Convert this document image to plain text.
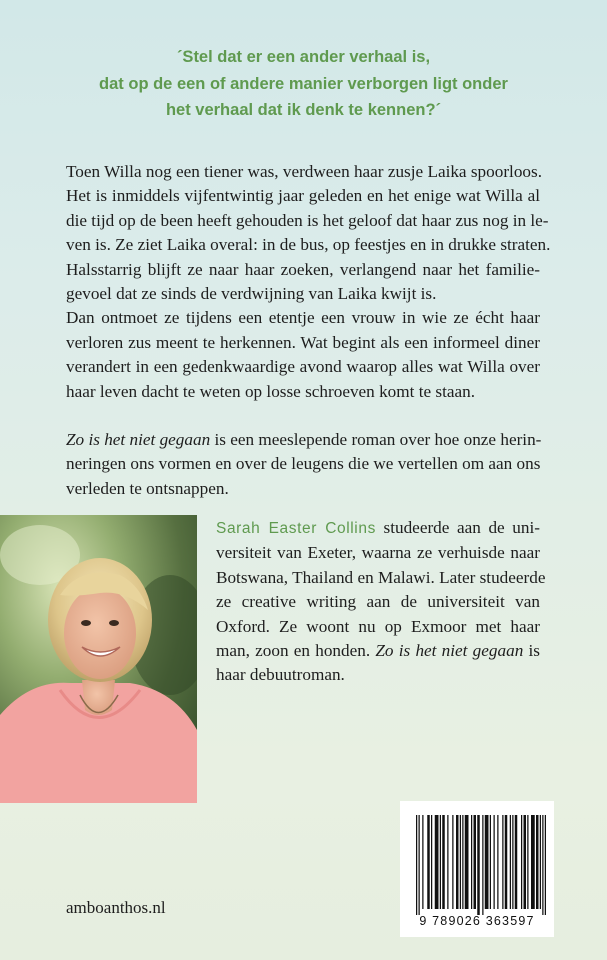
´Stel dat er een ander verhaal is,
dat op de een of andere manier verborgen ligt onder
het verhaal dat ik denk te kennen?´
Toen Willa nog een tiener was, verdween haar zusje Laika spoorloos.
Het is inmiddels vijfentwintig jaar geleden en het enige wat Willa al
die tijd op de been heeft gehouden is het geloof dat haar zus nog in le-
ven is. Ze ziet Laika overal: in de bus, op feestjes en in drukke straten.
Halsstarrig blijft ze naar haar zoeken, verlangend naar het familie-
gevoel dat ze sinds de verdwijning van Laika kwijt is.
Dan ontmoet ze tijdens een etentje een vrouw in wie ze écht haar
verloren zus meent te herkennen. Wat begint als een informeel diner
verandert in een gedenkwaardige avond waarop alles wat Willa over
haar leven dacht te weten op losse schroeven komt te staan.
Zo is het niet gegaan is een meeslepende roman over hoe onze herin-
neringen ons vormen en over de leugens die we vertellen om aan ons
verleden te ontsnappen.
Sarah Easter Collins studeerde aan de uni-
versiteit van Exeter, waarna ze verhuisde naar
Botswana, Thailand en Malawi. Later studeerde
ze creative writing aan de universiteit van
Oxford. Ze woont nu op Exmoor met haar
man, zoon en honden. Zo is het niet gegaan is
haar debuutroman.
amboanthos.nl
9 789026 363597
